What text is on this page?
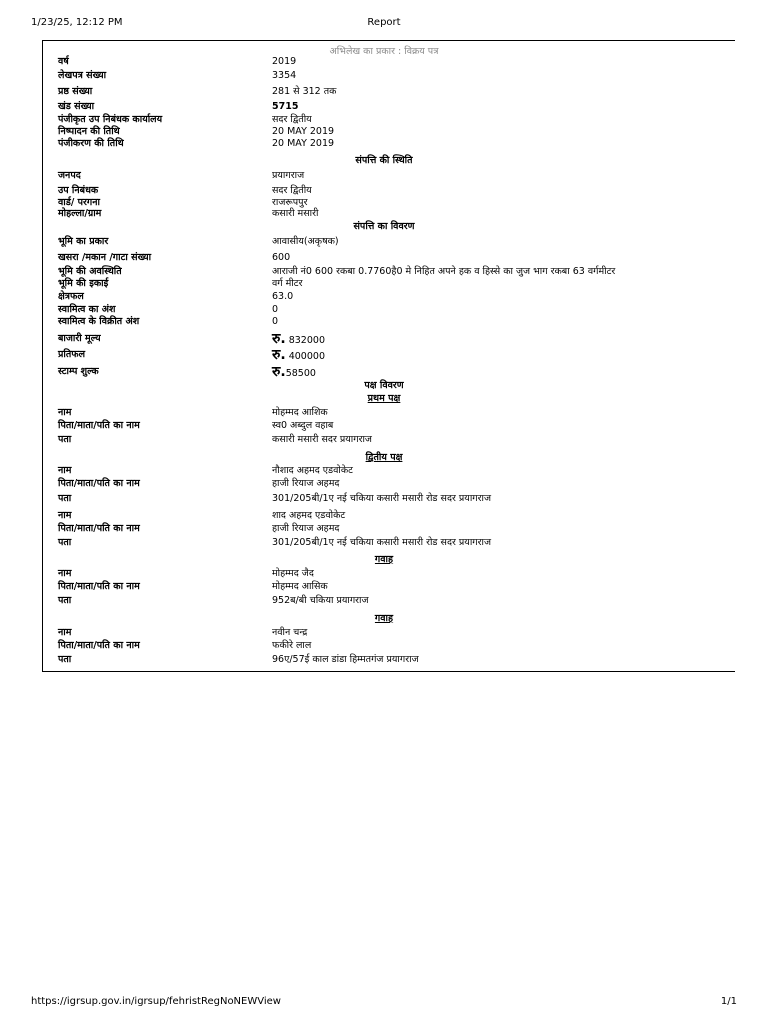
1/23/25, 12:12 PM	Report
https://igrsup.gov.in/igrsup/fehristRegNoNEWView	1/1
अभिलेख का प्रकार : विक्रय पत्र
वर्ष	2019
लेखपत्र संख्या	3354
प्रष्ठ संख्या	281 से 312 तक
खंड संख्या	5715
पंजीकृत उप निबंधक कार्यालय	सदर द्वितीय
निष्पादन की तिथि	20 MAY 2019
पंजीकरण की तिथि	20 MAY 2019
संपत्ति की स्थिति
जनपद	प्रयागराज
उप निबंधक	सदर द्वितीय
वार्ड/ परगना	राजरूपपुर
मोहल्ला/ग्राम	कसारी मसारी
संपत्ति का विवरण
भूमि का प्रकार	आवासीय(अकृषक)
खसरा /मकान /गाटा संख्या	600
भूमि की अवस्थिति	आराजी नं0 600 रकबा 0.7760है0 मे निहित अपने हक व हिस्से का जुज भाग रकबा 63 वर्गमीटर
भूमि की इकाई	वर्ग मीटर
क्षेत्रफल	63.0
स्वामित्व का अंश	0
स्वामित्व के विक्रीत अंश	0
बाजारी मूल्य	रु. 832000
प्रतिफल	रु. 400000
स्टाम्प शुल्क	रु.58500
पक्ष विवरण
प्रथम पक्ष
नाम	मोहम्मद आशिक
पिता/माता/पति का नाम	स्व0 अब्दुल वहाब
पता	कसारी मसारी सदर प्रयागराज
द्वितीय पक्ष
नाम	नौशाद अहमद एडवोकेट
पिता/माता/पति का नाम	हाजी रियाज अहमद
पता	301/205बी/1ए नई चकिया कसारी मसारी रोड सदर प्रयागराज
नाम	शाद अहमद एडवोकेट
पिता/माता/पति का नाम	हाजी रियाज अहमद
पता	301/205बी/1ए नई चकिया कसारी मसारी रोड सदर प्रयागराज
गवाह
नाम	मोहम्मद जैद
पिता/माता/पति का नाम	मोहम्मद आसिक
पता	952ब/बी चकिया प्रयागराज
गवाह
नाम	नवीन चन्द्र
पिता/माता/पति का नाम	फकीरे लाल
पता	96ए/57ई काल डांडा हिम्मतगंज प्रयागराज
